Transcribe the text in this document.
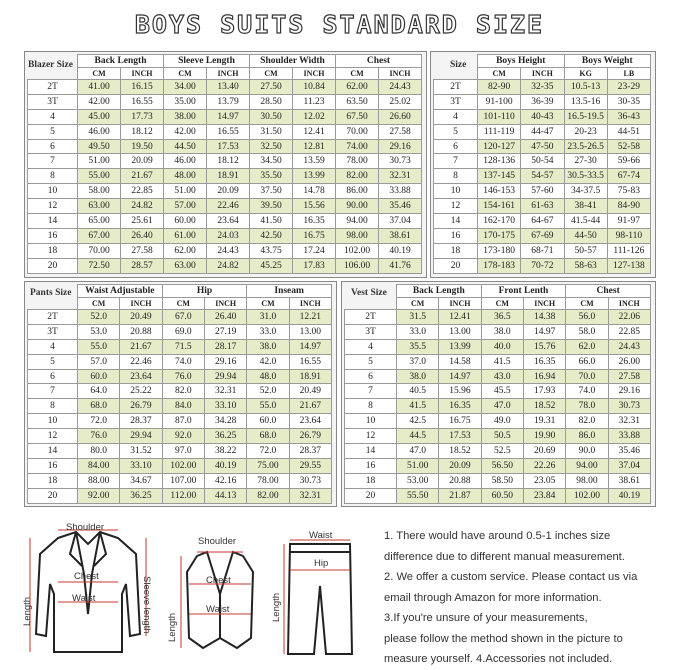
BOYS SUITS STANDARD SIZE
Blazer Size	Size
Pants Size	Vest Size
	Back Length		Sleeve Length		Shoulder Width		Chest	
	CM	INCH	CM	INCH	CM	INCH	CM	INCH
2T	41.00	16.15	34.00	13.40	27.50	10.84	62.00	24.43
3T	42.00	16.55	35.00	13.79	28.50	11.23	63.50	25.02
4	45.00	17.73	38.00	14.97	30.50	12.02	67.50	26.60
5	46.00	18.12	42.00	16.55	31.50	12.41	70.00	27.58
6	49.50	19.50	44.50	17.53	32.50	12.81	74.00	29.16
7	51.00	20.09	46.00	18.12	34.50	13.59	78.00	30.73
8	55.00	21.67	48.00	18.91	35.50	13.99	82.00	32.31
10	58.00	22.85	51.00	20.09	37.50	14.78	86.00	33.88
12	63.00	24.82	57.00	22.46	39.50	15.56	90.00	35.46
14	65.00	25.61	60.00	23.64	41.50	16.35	94.00	37.04
16	67.00	26.40	61.00	24.03	42.50	16.75	98.00	38.61
18	70.00	27.58	62.00	24.43	43.75	17.24	102.00	40.19
20	72.50	28.57	63.00	24.82	45.25	17.83	106.00	41.76
	Boys Height		Boys Weight	
	CM	INCH	KG	LB
2T	82-90	32-35	10.5-13	23-29
3T	91-100	36-39	13.5-16	30-35
4	101-110	40-43	16.5-19.5	36-43
5	111-119	44-47	20-23	44-51
6	120-127	47-50	23.5-26.5	52-58
7	128-136	50-54	27-30	59-66
8	137-145	54-57	30.5-33.5	67-74
10	146-153	57-60	34-37.5	75-83
12	154-161	61-63	38-41	84-90
14	162-170	64-67	41.5-44	91-97
16	170-175	67-69	44-50	98-110
18	173-180	68-71	50-57	111-126
20	178-183	70-72	58-63	127-138
	Waist Adjustable		Hip		Inseam	
	CM	INCH	CM	INCH	CM	INCH
2T	52.0	20.49	67.0	26.40	31.0	12.21
3T	53.0	20.88	69.0	27.19	33.0	13.00
4	55.0	21.67	71.5	28.17	38.0	14.97
5	57.0	22.46	74.0	29.16	42.0	16.55
6	60.0	23.64	76.0	29.94	48.0	18.91
7	64.0	25.22	82.0	32.31	52.0	20.49
8	68.0	26.79	84.0	33.10	55.0	21.67
10	72.0	28.37	87.0	34.28	60.0	23.64
12	76.0	29.94	92.0	36.25	68.0	26.79
14	80.0	31.52	97.0	38.22	72.0	28.37
16	84.00	33.10	102.00	40.19	75.00	29.55
18	88.00	34.67	107.00	42.16	78.00	30.73
20	92.00	36.25	112.00	44.13	82.00	32.31
	Back Length		Front Lenth		Chest	
	CM	INCH	CM	INCH	CM	INCH
2T	31.5	12.41	36.5	14.38	56.0	22.06
3T	33.0	13.00	38.0	14.97	58.0	22.85
4	35.5	13.99	40.0	15.76	62.0	24.43
5	37.0	14.58	41.5	16.35	66.0	26.00
6	38.0	14.97	43.0	16.94	70.0	27.58
7	40.5	15.96	45.5	17.93	74.0	29.16
8	41.5	16.35	47.0	18.52	78.0	30.73
10	42.5	16.75	49.0	19.31	82.0	32.31
12	44.5	17.53	50.5	19.90	86.0	33.88
14	47.0	18.52	52.5	20.69	90.0	35.46
16	51.00	20.09	56.50	22.26	94.00	37.04
18	53.00	20.88	58.50	23.05	98.00	38.61
20	55.50	21.87	60.50	23.84	102.00	40.19
Shoulder
Chest
Waist
Length	Sleeve length
Shoulder
Chest
Waist
Length
Waist
Hip
Length
1. There would have around 0.5-1 inches size
difference due to different manual measurement.
2. We offer a custom service. Please contact us via
email through Amazon for more information.
3.If you're unsure of your measurements,
please follow the method shown in the picture to
measure yourself. 4.Accessories not included.
